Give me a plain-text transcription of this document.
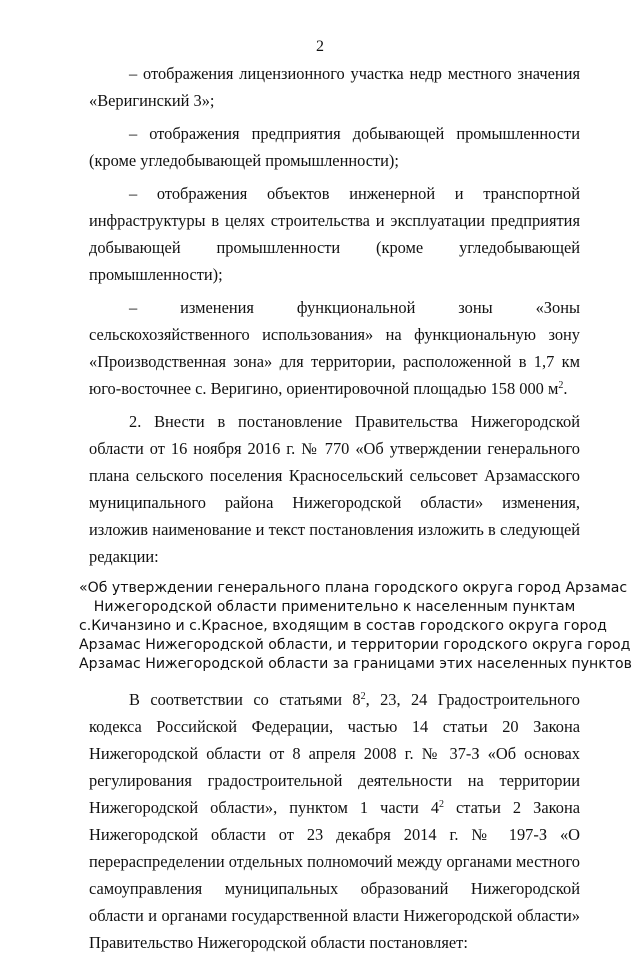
2

– отображения лицензионного участка недр местного значения «Веригинский 3»;

– отображения предприятия добывающей промышленности (кроме угледобывающей промышленности);

– отображения объектов инженерной и транспортной инфраструктуры в целях строительства и эксплуатации предприятия добывающей промышленности (кроме угледобывающей промышленности);

– изменения функциональной зоны «Зоны сельскохозяйственного использования» на функциональную зону «Производственная зона» для территории, расположенной в 1,7 км юго-восточнее с. Веригино, ориентировочной площадью 158 000 $м^2$.

2. Внести в постановление Правительства Нижегородской области от 16 ноября 2016 г. № 770 «Об утверждении генерального плана сельского поселения Красносельский сельсовет Арзамасского муниципального района Нижегородской области» изменения, изложив наименование и текст постановления изложить в следующей редакции:

«Об утверждении генерального плана городского округа город Арзамас
Нижегородской области применительно к населенным пунктам
с.Кичанзино и с.Красное, входящим в состав городского округа город
Арзамас Нижегородской области, и территории городского округа город
Арзамас Нижегородской области за границами этих населенных пунктов

В соответствии со статьями $8^2$, 23, 24 Градостроительного кодекса Российской Федерации, частью 14 статьи 20 Закона Нижегородской области от 8 апреля 2008 г. № 37-З «Об основах регулирования градостроительной деятельности на территории Нижегородской области», пунктом 1 части $4^2$ статьи 2 Закона Нижегородской области от 23 декабря 2014 г. № 197-З «О перераспределении отдельных полномочий между органами местного самоуправления муниципальных образований Нижегородской области и органами государственной власти Нижегородской области» Правительство Нижегородской области постановляет:
